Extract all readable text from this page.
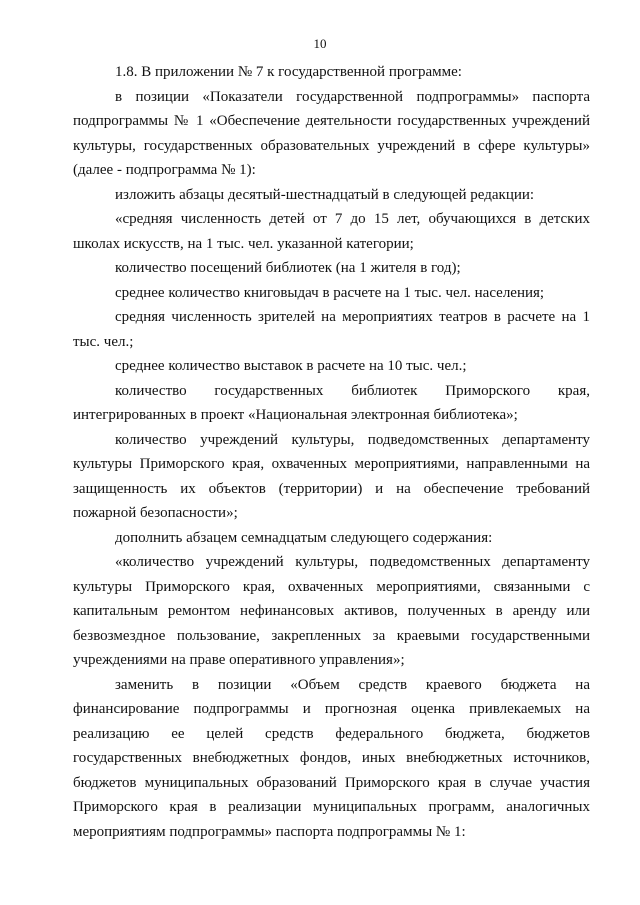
10

1.8. В приложении № 7 к государственной программе:

в позиции «Показатели государственной подпрограммы» паспорта подпрограммы № 1 «Обеспечение деятельности государственных учреждений культуры, государственных образовательных учреждений в сфере культуры» (далее - подпрограмма № 1):

изложить абзацы десятый-шестнадцатый в следующей редакции:

«средняя численность детей от 7 до 15 лет, обучающихся в детских школах искусств, на 1 тыс. чел. указанной категории;

количество посещений библиотек (на 1 жителя в год);

среднее количество книговыдач в расчете на 1 тыс. чел. населения;

средняя численность зрителей на мероприятиях театров в расчете на 1 тыс. чел.;

среднее количество выставок в расчете на 10 тыс. чел.;

количество государственных библиотек Приморского края, интегрированных в проект «Национальная электронная библиотека»;

количество учреждений культуры, подведомственных департаменту культуры Приморского края, охваченных мероприятиями, направленными на защищенность их объектов (территории) и на обеспечение требований пожарной безопасности»;

дополнить абзацем семнадцатым следующего содержания:

«количество учреждений культуры, подведомственных департаменту культуры Приморского края, охваченных мероприятиями, связанными с капитальным ремонтом нефинансовых активов, полученных в аренду или безвозмездное пользование, закрепленных за краевыми государственными учреждениями на праве оперативного управления»;

заменить в позиции «Объем средств краевого бюджета на финансирование подпрограммы и прогнозная оценка привлекаемых на реализацию ее целей средств федерального бюджета, бюджетов государственных внебюджетных фондов, иных внебюджетных источников, бюджетов муниципальных образований Приморского края в случае участия Приморского края в реализации муниципальных программ, аналогичных мероприятиям подпрограммы» паспорта подпрограммы № 1:
